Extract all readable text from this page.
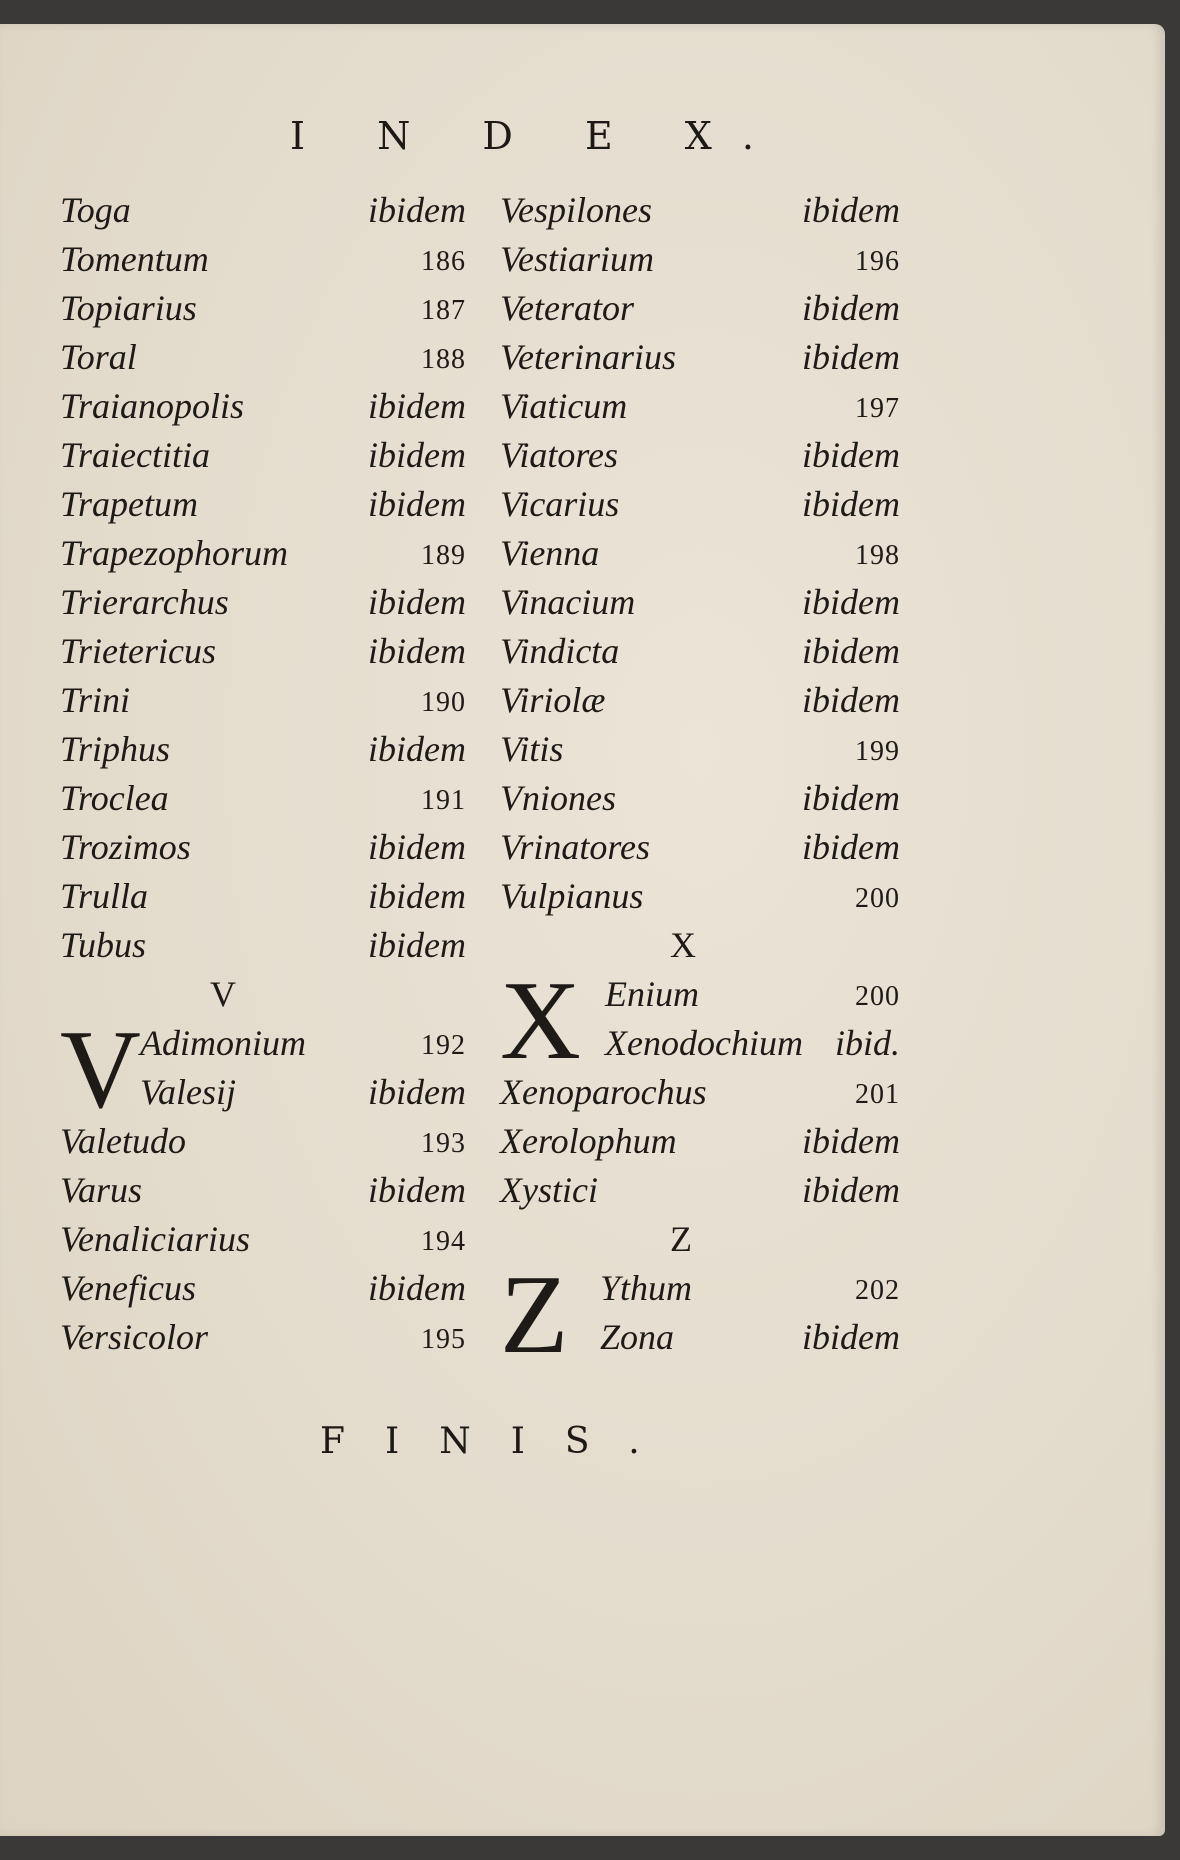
I N D E X.
Toga	ibidem
Tomentum	186
Topiarius	187
Toral	188
Traianopolis	ibidem
Traiectitia	ibidem
Trapetum	ibidem
Trapezophorum	189
Trierarchus	ibidem
Trietericus	ibidem
Trini	190
Triphus	ibidem
Troclea	191
Trozimos	ibidem
Trulla	ibidem
Tubus	ibidem
V
V Adimonium	192
Valesij	ibidem
Valetudo	193
Varus	ibidem
Venaliciarius	194
Veneficus	ibidem
Versicolor	195
Vespilones	ibidem
Vestiarium	196
Veterator	ibidem
Veterinarius	ibidem
Viaticum	197
Viatores	ibidem
Vicarius	ibidem
Vienna	198
Vinacium	ibidem
Vindicta	ibidem
Viriolæ	ibidem
Vitis	199
Vniones	ibidem
Vrinatores	ibidem
Vulpianus	200
X
X Enium	200
Xenodochium ibid.
Xenoparochus	201
Xerolophum	ibidem
Xystici	ibidem
Z
Z Ythum	202
Zona	ibidem
FINIS.
